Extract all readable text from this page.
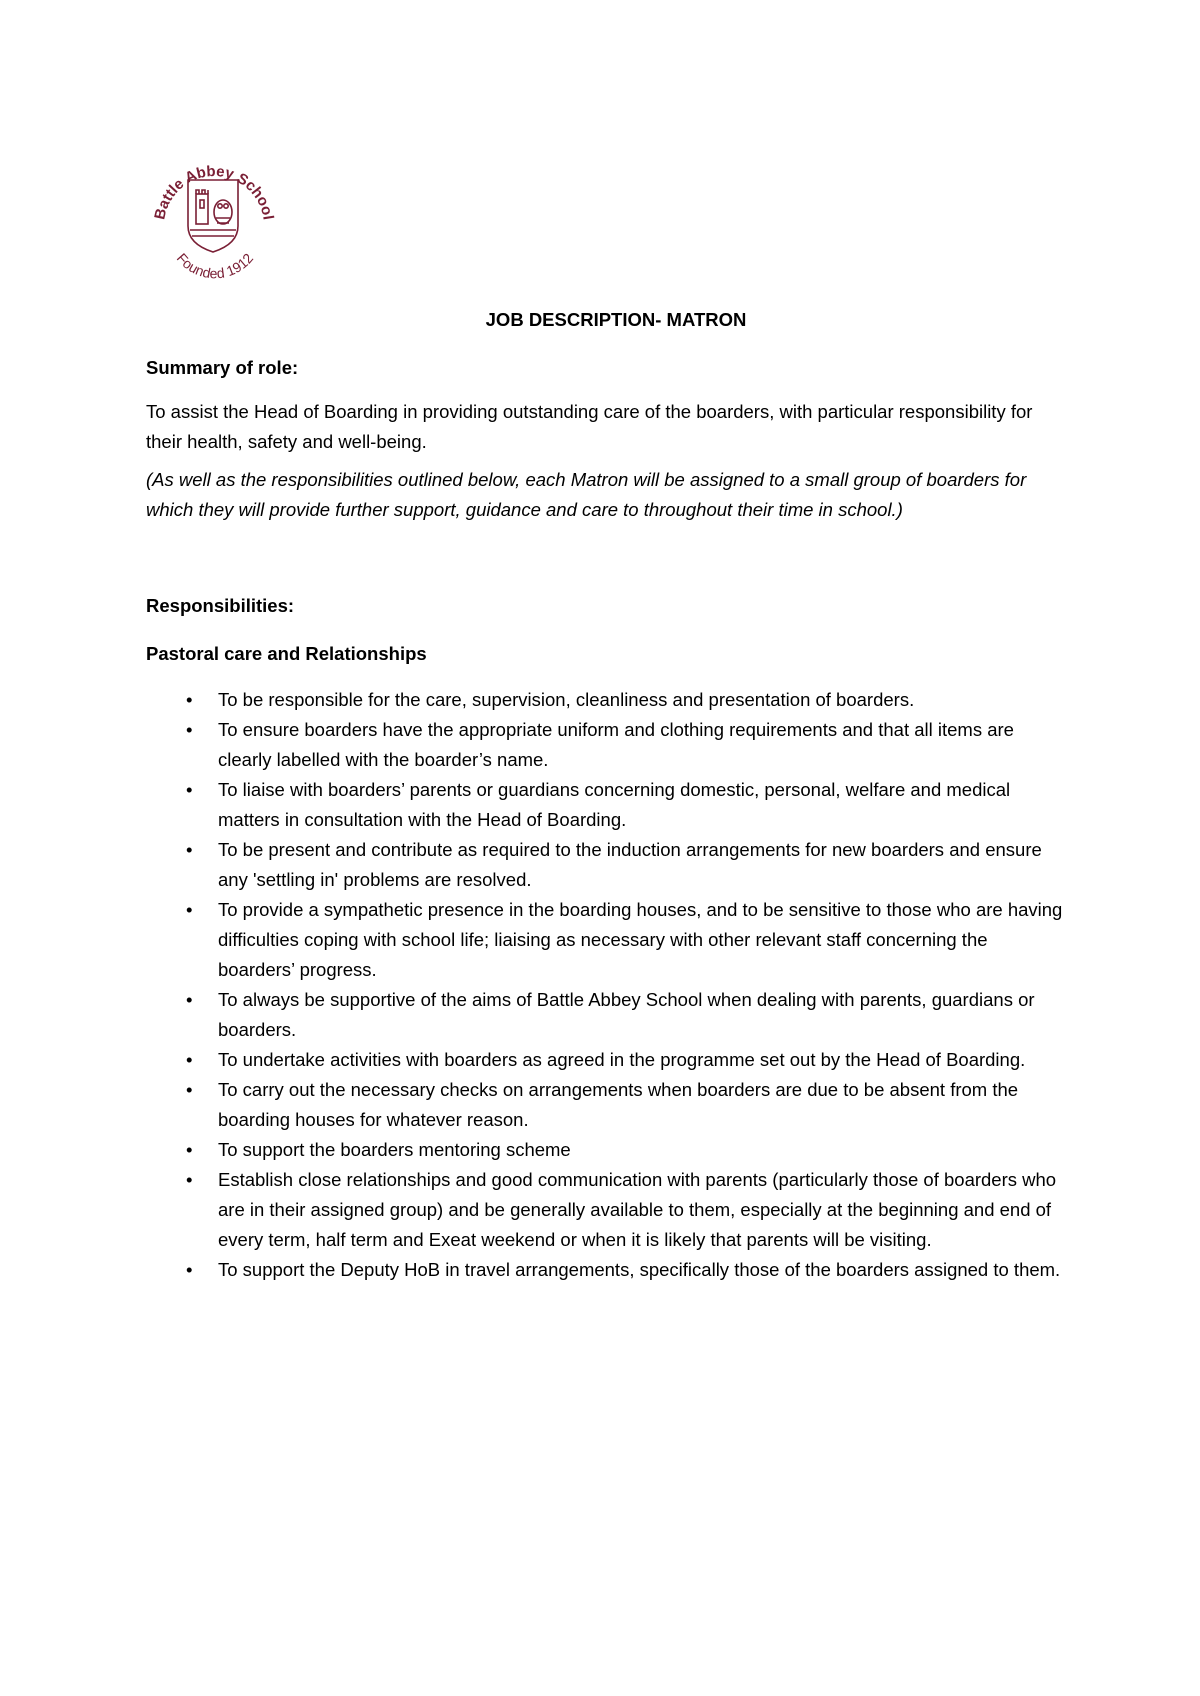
Battle Abbey School
Founded 1912

JOB DESCRIPTION- MATRON

Summary of role:

To assist the Head of Boarding in providing outstanding care of the boarders, with particular responsibility for their health, safety and well-being.

(As well as the responsibilities outlined below, each Matron will be assigned to a small group of boarders for which they will provide further support, guidance and care to throughout their time in school.)

Responsibilities:

Pastoral care and Relationships

• To be responsible for the care, supervision, cleanliness and presentation of boarders.
• To ensure boarders have the appropriate uniform and clothing requirements and that all items are clearly labelled with the boarder’s name.
• To liaise with boarders’ parents or guardians concerning domestic, personal, welfare and medical matters in consultation with the Head of Boarding.
• To be present and contribute as required to the induction arrangements for new boarders and ensure any 'settling in' problems are resolved.
• To provide a sympathetic presence in the boarding houses, and to be sensitive to those who are having difficulties coping with school life; liaising as necessary with other relevant staff concerning the boarders’ progress.
• To always be supportive of the aims of Battle Abbey School when dealing with parents, guardians or boarders.
• To undertake activities with boarders as agreed in the programme set out by the Head of Boarding.
• To carry out the necessary checks on arrangements when boarders are due to be absent from the boarding houses for whatever reason.
• To support the boarders mentoring scheme
• Establish close relationships and good communication with parents (particularly those of boarders who are in their assigned group) and be generally available to them, especially at the beginning and end of every term, half term and Exeat weekend or when it is likely that parents will be visiting.
• To support the Deputy HoB in travel arrangements, specifically those of the boarders assigned to them.
